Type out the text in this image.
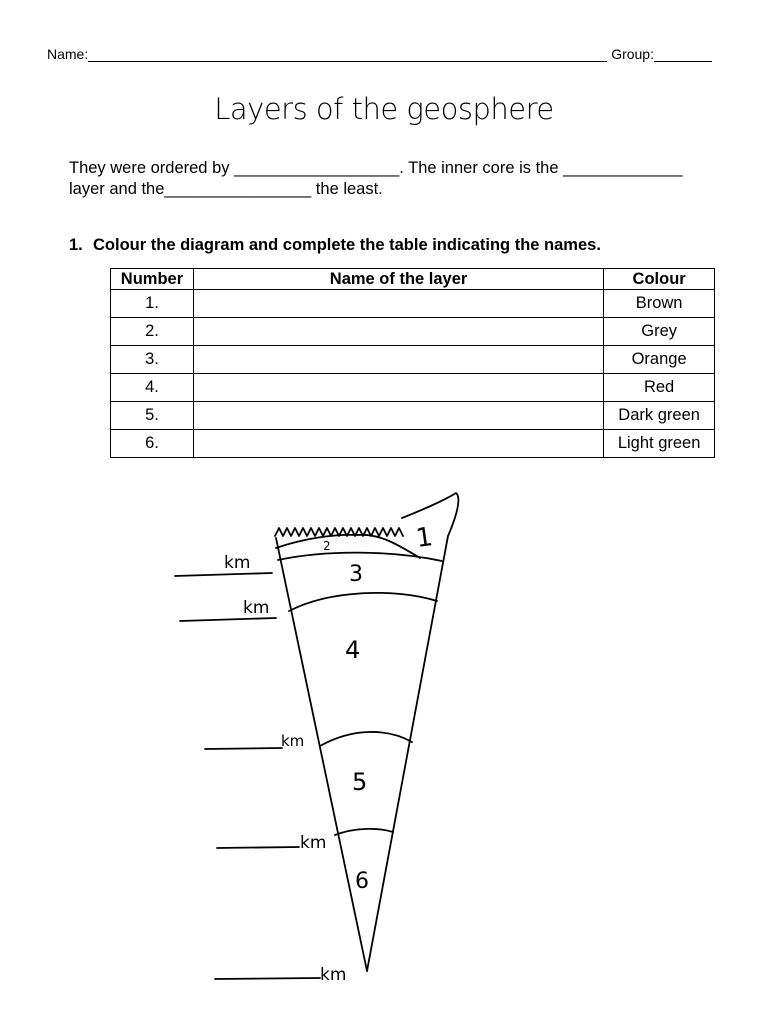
Name:	Group:
Layers of the geosphere

They were ordered by __________________. The inner core is the _____________

layer and the________________ the least.

1. Colour the diagram and complete the table indicating the names.
Number	Name of the layer	Colour
1.		Brown
2.		Grey
3.		Orange
4.		Red
5.		Dark green
6.		Light green
1
2
3
4
5
6
km
km
km
km
km
